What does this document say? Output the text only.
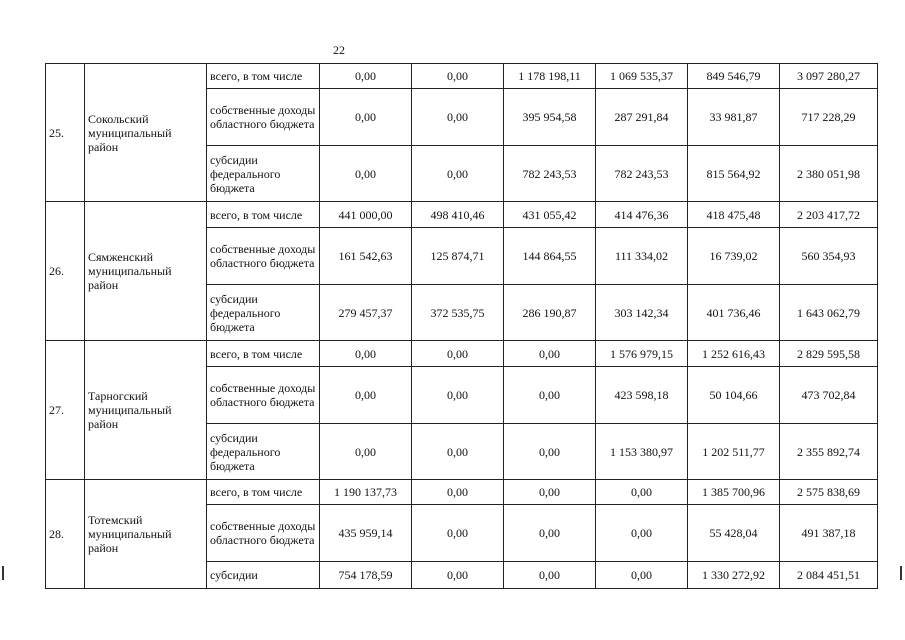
22
25.	Сокольский муниципальный район	всего, в том числе	0,00	0,00	1 178 198,11	1 069 535,37	849 546,79	3 097 280,27
		собственные доходы областного бюджета	0,00	0,00	395 954,58	287 291,84	33 981,87	717 228,29
		субсидии федерального бюджета	0,00	0,00	782 243,53	782 243,53	815 564,92	2 380 051,98
26.	Сямженский муниципальный район	всего, в том числе	441 000,00	498 410,46	431 055,42	414 476,36	418 475,48	2 203 417,72
		собственные доходы областного бюджета	161 542,63	125 874,71	144 864,55	111 334,02	16 739,02	560 354,93
		субсидии федерального бюджета	279 457,37	372 535,75	286 190,87	303 142,34	401 736,46	1 643 062,79
27.	Тарногский муниципальный район	всего, в том числе	0,00	0,00	0,00	1 576 979,15	1 252 616,43	2 829 595,58
		собственные доходы областного бюджета	0,00	0,00	0,00	423 598,18	50 104,66	473 702,84
		субсидии федерального бюджета	0,00	0,00	0,00	1 153 380,97	1 202 511,77	2 355 892,74
28.	Тотемский муниципальный район	всего, в том числе	1 190 137,73	0,00	0,00	0,00	1 385 700,96	2 575 838,69
		собственные доходы областного бюджета	435 959,14	0,00	0,00	0,00	55 428,04	491 387,18
		субсидии	754 178,59	0,00	0,00	0,00	1 330 272,92	2 084 451,51
